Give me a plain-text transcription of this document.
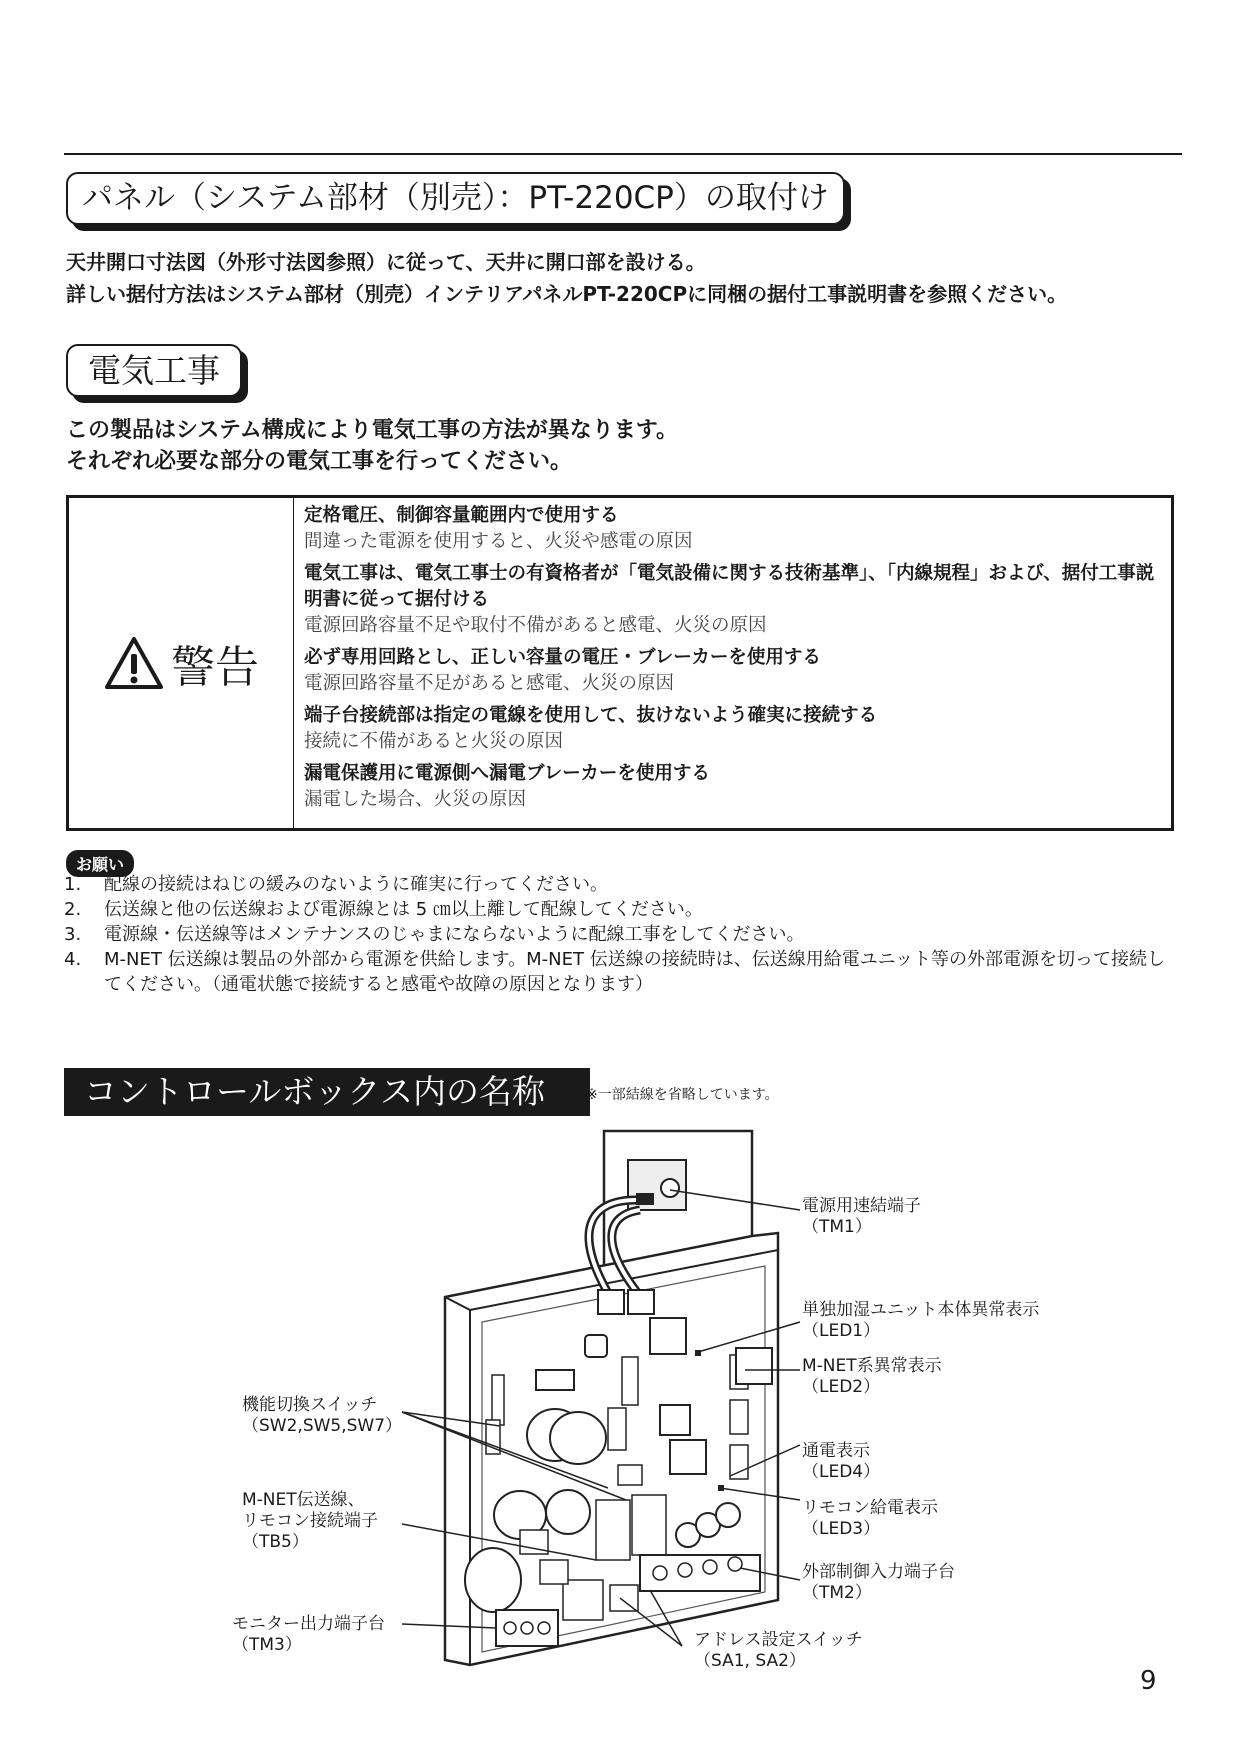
パネル（システム部材（別売）：PT-220CP）の取付け
天井開口寸法図（外形寸法図参照）に従って、天井に開口部を設ける。
詳しい据付方法はシステム部材（別売）インテリアパネルPT-220CPに同梱の据付工事説明書を参照ください。
電気工事
この製品はシステム構成により電気工事の方法が異なります。
それぞれ必要な部分の電気工事を行ってください。
警告
定格電圧、制御容量範囲内で使用する
間違った電源を使用すると、火災や感電の原因
電気工事は、電気工事士の有資格者が「電気設備に関する技術基準」、「内線規程」および、据付工事説明書に従って据付ける
電源回路容量不足や取付不備があると感電、火災の原因
必ず専用回路とし、正しい容量の電圧・ブレーカーを使用する
電源回路容量不足があると感電、火災の原因
端子台接続部は指定の電線を使用して、抜けないよう確実に接続する
接続に不備があると火災の原因
漏電保護用に電源側へ漏電ブレーカーを使用する
漏電した場合、火災の原因
お願い
1.	配線の接続はねじの緩みのないように確実に行ってください。
2.	伝送線と他の伝送線および電源線とは 5 ㎝以上離して配線してください。
3.	電源線・伝送線等はメンテナンスのじゃまにならないように配線工事をしてください。
4.	M-NET 伝送線は製品の外部から電源を供給します。M-NET 伝送線の接続時は、伝送線用給電ユニット等の外部電源を切って接続してください。（通電状態で接続すると感電や故障の原因となります）
コントロールボックス内の名称	※一部結線を省略しています。
電源用速結端子
（TM1）
単独加湿ユニット本体異常表示
（LED1）
M-NET系異常表示
（LED2）
通電表示
（LED4）
リモコン給電表示
（LED3）
外部制御入力端子台
（TM2）
アドレス設定スイッチ
（SA1, SA2）
機能切換スイッチ
（SW2,SW5,SW7）
M-NET伝送線、
リモコン接続端子
（TB5）
モニター出力端子台
（TM3）
9
